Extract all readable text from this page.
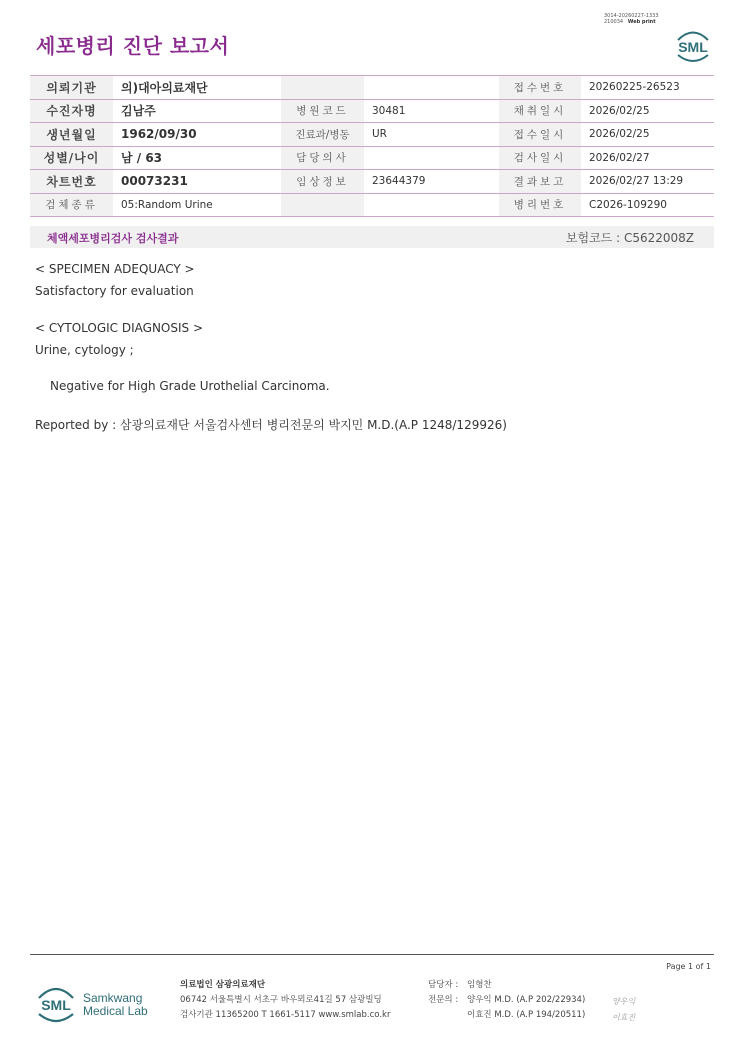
세포병리 진단 보고서
3014-20260227-1333
210034 Web print
SML
의뢰기관	의)대아의료재단			접수번호	20260225-26523
수진자명	김남주	병원코드	30481	채취일시	2026/02/25
생년월일	1962/09/30	진료과/병동	UR	접수일시	2026/02/25
성별/나이	남 / 63	담당의사		검사일시	2026/02/27
차트번호	00073231	임상정보	23644379	결과보고	2026/02/27 13:29
검체종류	05:Random Urine			병리번호	C2026-109290
체액세포병리검사 검사결과	보험코드 : C5622008Z
< SPECIMEN ADEQUACY >
Satisfactory for evaluation
< CYTOLOGIC DIAGNOSIS >
Urine, cytology ;
Negative for High Grade Urothelial Carcinoma.
Reported by : 삼광의료재단 서울검사센터 병리전문의 박지민 M.D.(A.P 1248/129926)
Page 1 of 1
SML Samkwang
Medical Lab
의료법인 삼광의료재단
06742 서울특별시 서초구 바우뫼로41길 57 삼광빌딩
검사기관 11365200 T 1661-5117 www.smlab.co.kr
담당자 :
전문의 :
임형찬
양우익 M.D. (A.P 202/22934)
이효진 M.D. (A.P 194/20511)
양우익
이효진
